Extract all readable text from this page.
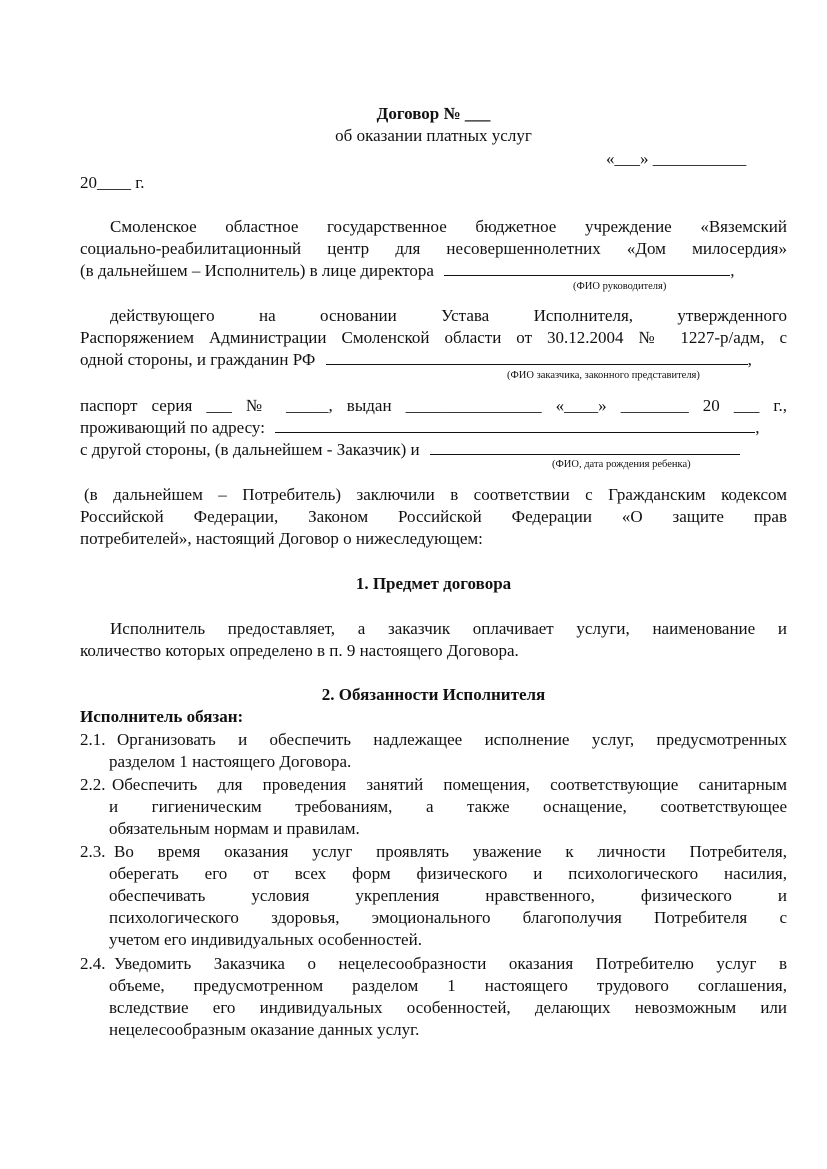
Договор № ___
об оказании платных услуг
«___» ___________
20____ г.
Смоленское областное государственное бюджетное учреждение «Вяземский
социально-реабилитационный центр для несовершеннолетних «Дом милосердия»
(в дальнейшем – Исполнитель) в лице директора	,
(ФИО руководителя)
действующего на основании Устава Исполнителя, утвержденного
Распоряжением Администрации Смоленской области от 30.12.2004 № 1227-р/адм, с
одной стороны, и гражданин РФ	,
(ФИО заказчика, законного представителя)
паспорт серия ___ № _____, выдан ________________ «____» ________ 20 ___ г.,
проживающий по адресу:	,
с другой стороны, (в дальнейшем - Заказчик) и
(ФИО, дата рождения ребенка)
(в дальнейшем – Потребитель) заключили в соответствии с Гражданским кодексом
Российской Федерации, Законом Российской Федерации «О защите прав
потребителей», настоящий Договор о нижеследующем:
1. Предмет договора
Исполнитель предоставляет, а заказчик оплачивает услуги, наименование и
количество которых определено в п. 9 настоящего Договора.
2. Обязанности Исполнителя
Исполнитель обязан:
2.1. Организовать и обеспечить надлежащее исполнение услуг, предусмотренных
разделом 1 настоящего Договора.
2.2. Обеспечить для проведения занятий помещения, соответствующие санитарным
и гигиеническим требованиям, а также оснащение, соответствующее
обязательным нормам и правилам.
2.3. Во время оказания услуг проявлять уважение к личности Потребителя,
оберегать его от всех форм физического и психологического насилия,
обеспечивать условия укрепления нравственного, физического и
психологического здоровья, эмоционального благополучия Потребителя с
учетом его индивидуальных особенностей.
2.4. Уведомить Заказчика о нецелесообразности оказания Потребителю услуг в
объеме, предусмотренном разделом 1 настоящего трудового соглашения,
вследствие его индивидуальных особенностей, делающих невозможным или
нецелесообразным оказание данных услуг.
